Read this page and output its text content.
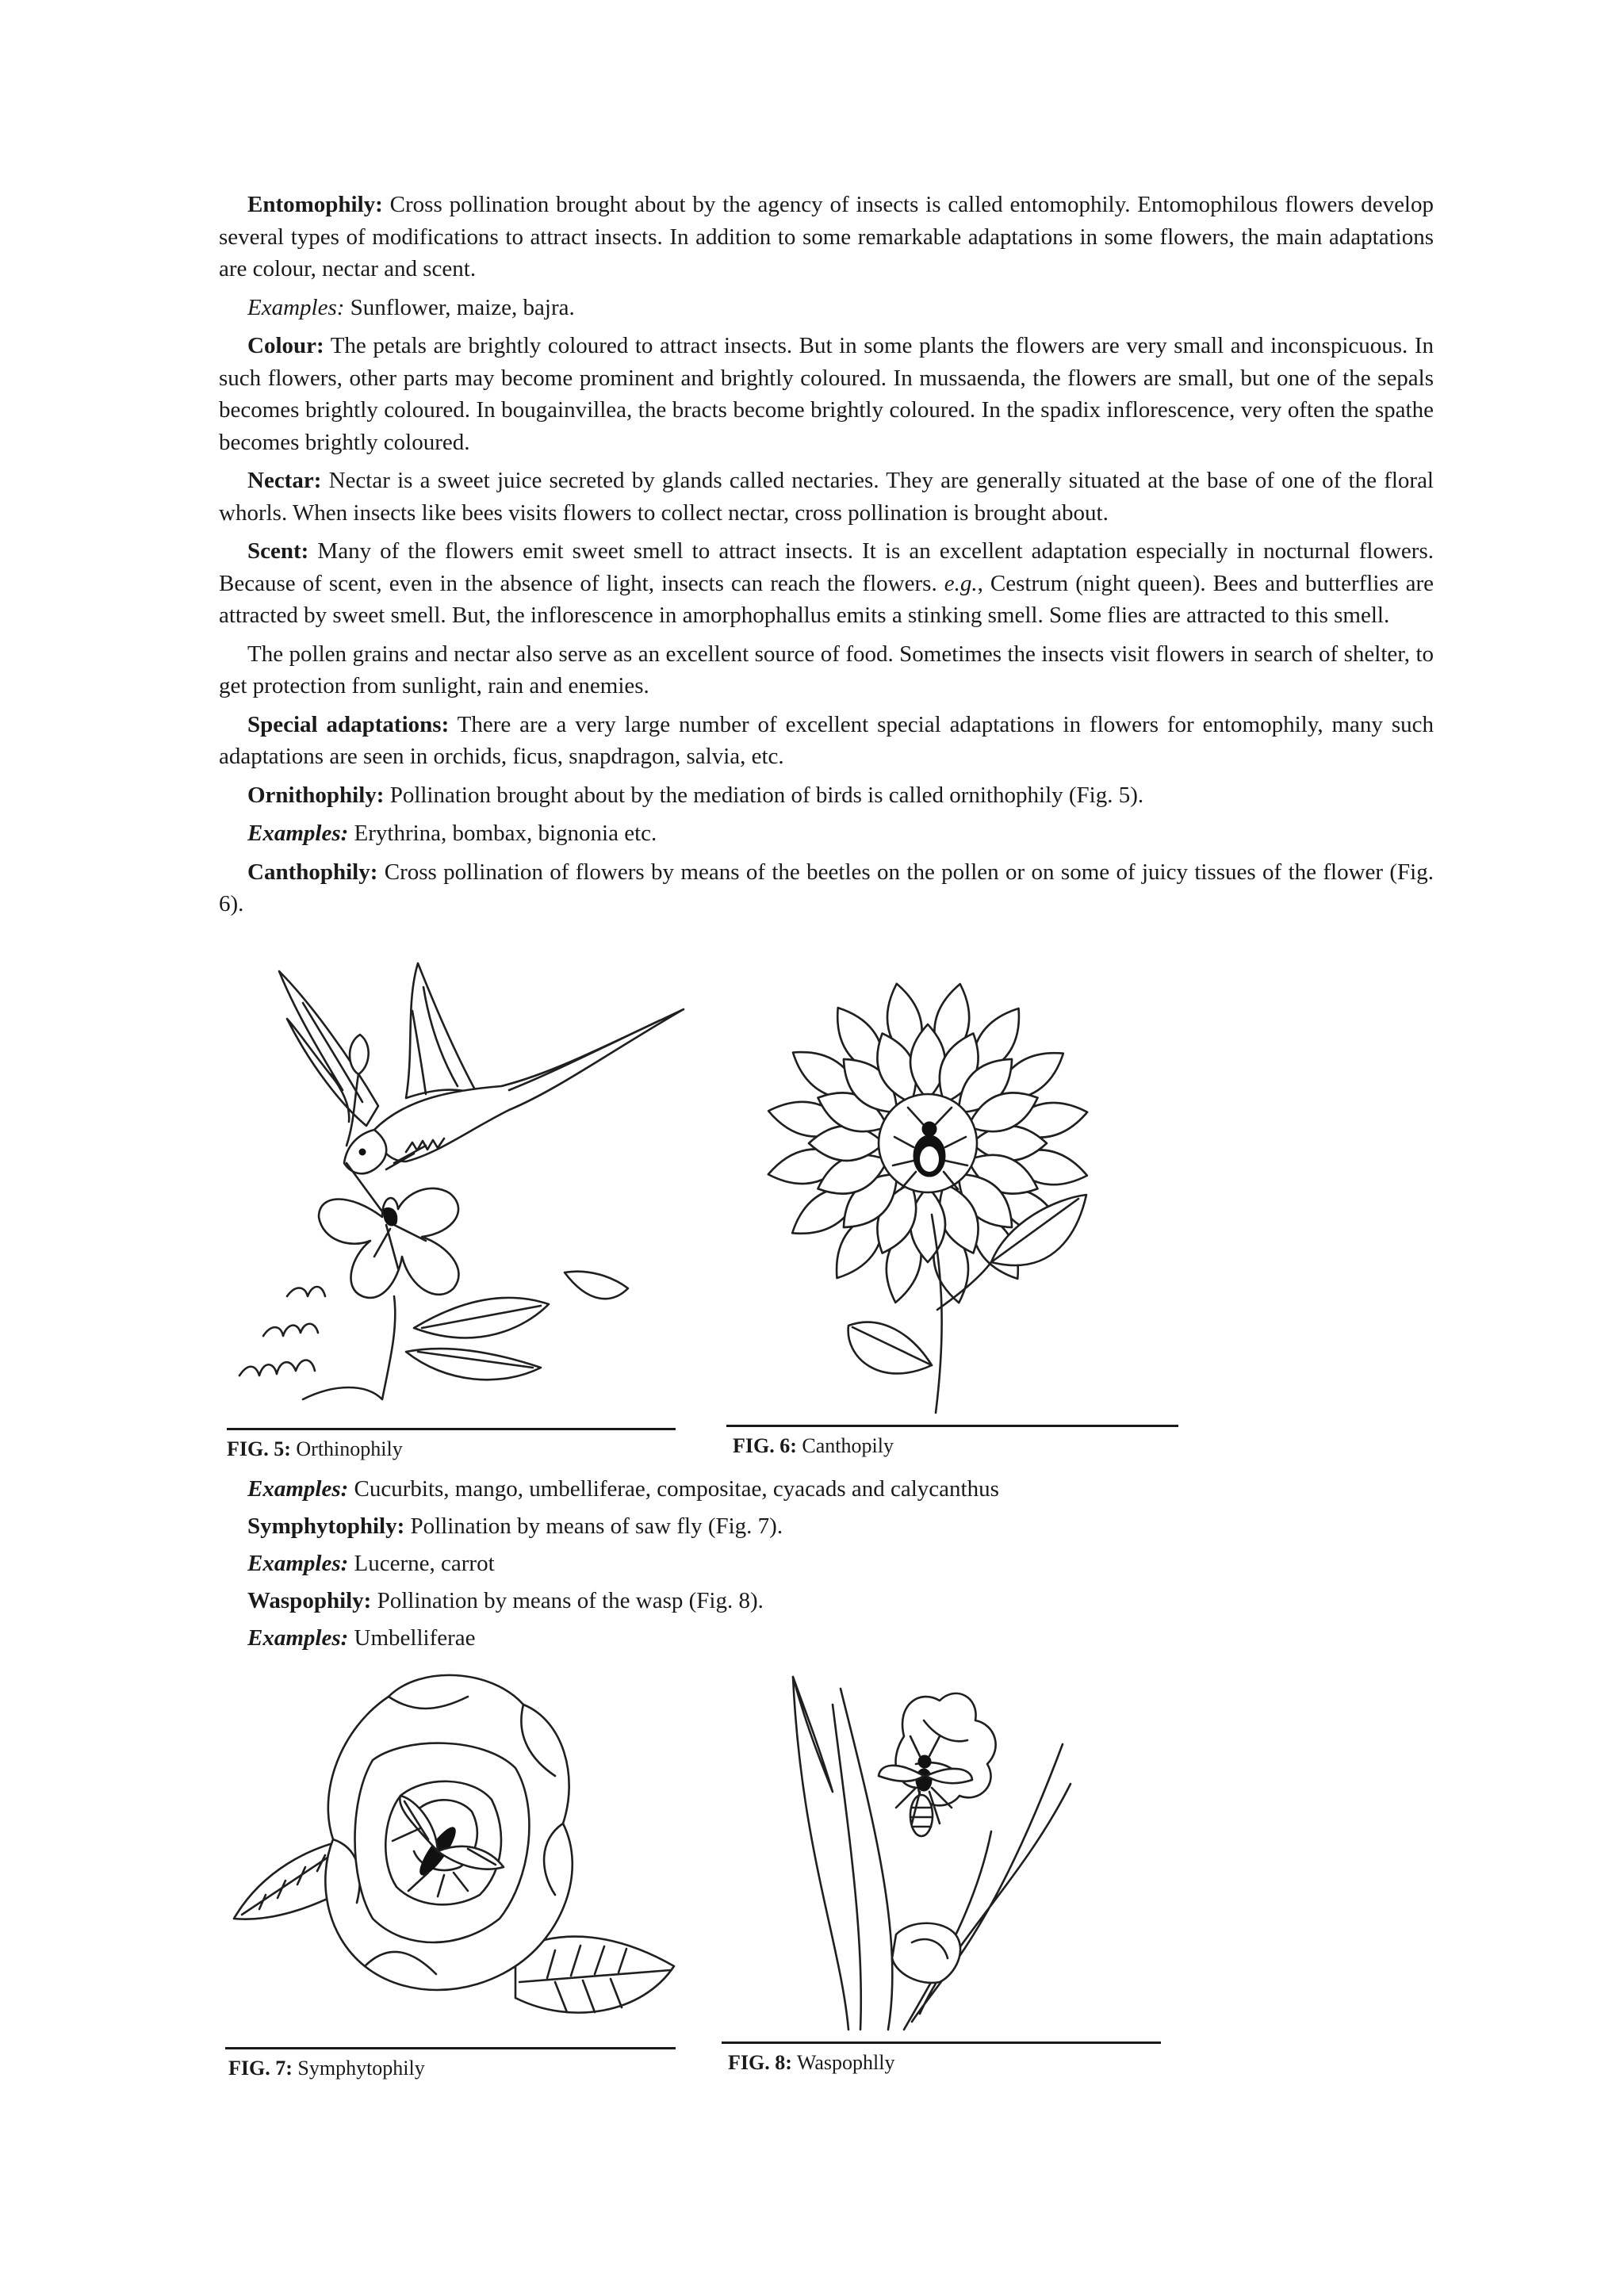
Entomophily: Cross pollination brought about by the agency of insects is called entomophily. Entomophilous flowers develop several types of modifications to attract insects. In addition to some remarkable adaptations in some flowers, the main adaptations are colour, nectar and scent.

Examples: Sunflower, maize, bajra.

Colour: The petals are brightly coloured to attract insects. But in some plants the flowers are very small and inconspicuous. In such flowers, other parts may become prominent and brightly coloured. In mussaenda, the flowers are small, but one of the sepals becomes brightly coloured. In bougainvillea, the bracts become brightly coloured. In the spadix inflorescence, very often the spathe becomes brightly coloured.

Nectar: Nectar is a sweet juice secreted by glands called nectaries. They are generally situated at the base of one of the floral whorls. When insects like bees visits flowers to collect nectar, cross pollination is brought about.

Scent: Many of the flowers emit sweet smell to attract insects. It is an excellent adaptation especially in nocturnal flowers. Because of scent, even in the absence of light, insects can reach the flowers. e.g., Cestrum (night queen). Bees and butterflies are attracted by sweet smell. But, the inflorescence in amorphophallus emits a stinking smell. Some flies are attracted to this smell.

The pollen grains and nectar also serve as an excellent source of food. Sometimes the insects visit flowers in search of shelter, to get protection from sunlight, rain and enemies.

Special adaptations: There are a very large number of excellent special adaptations in flowers for entomophily, many such adaptations are seen in orchids, ficus, snapdragon, salvia, etc.

Ornithophily: Pollination brought about by the mediation of birds is called ornithophily (Fig. 5).

Examples: Erythrina, bombax, bignonia etc.

Canthophily: Cross pollination of flowers by means of the beetles on the pollen or on some of juicy tissues of the flower (Fig. 6).

FIG. 5: Orthinophily	FIG. 6: Canthopily
Examples: Cucurbits, mango, umbelliferae, compositae, cyacads and calycanthus
Symphytophily: Pollination by means of saw fly (Fig. 7).
Examples: Lucerne, carrot
Waspophily: Pollination by means of the wasp (Fig. 8).
Examples: Umbelliferae
FIG. 7: Symphytophily	FIG. 8: Waspophlly
